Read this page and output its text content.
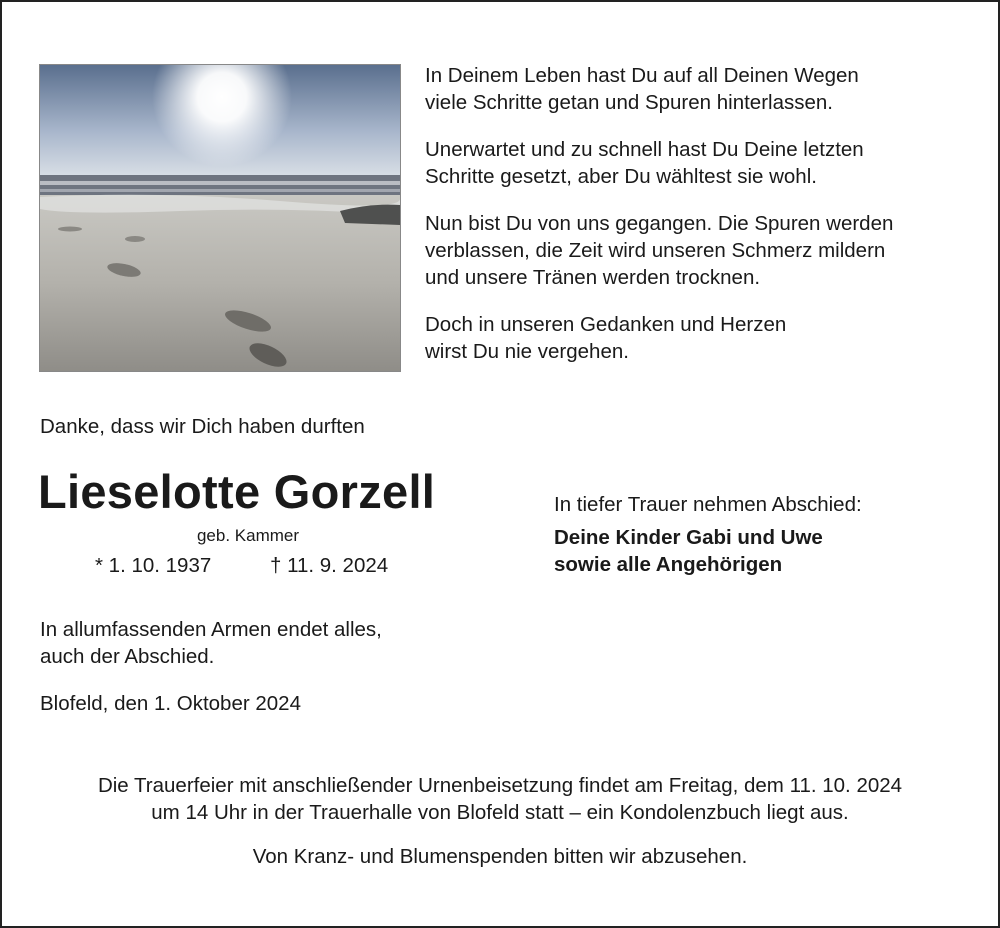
In Deinem Leben hast Du auf all Deinen Wegen
viele Schritte getan und Spuren hinterlassen.

Unerwartet und zu schnell hast Du Deine letzten
Schritte gesetzt, aber Du wähltest sie wohl.

Nun bist Du von uns gegangen. Die Spuren werden
verblassen, die Zeit wird unseren Schmerz mildern
und unsere Tränen werden trocknen.

Doch in unseren Gedanken und Herzen
wirst Du nie vergehen.

Danke, dass wir Dich haben durften
Lieselotte Gorzell
geb. Kammer
* 1. 10. 1937	† 11. 9. 2024
In tiefer Trauer nehmen Abschied:
Deine Kinder Gabi und Uwe
sowie alle Angehörigen
In allumfassenden Armen endet alles,
auch der Abschied.
Blofeld, den 1. Oktober 2024
Die Trauerfeier mit anschließender Urnenbeisetzung findet am Freitag, dem 11. 10. 2024
um 14 Uhr in der Trauerhalle von Blofeld statt – ein Kondolenzbuch liegt aus.
Von Kranz- und Blumenspenden bitten wir abzusehen.
